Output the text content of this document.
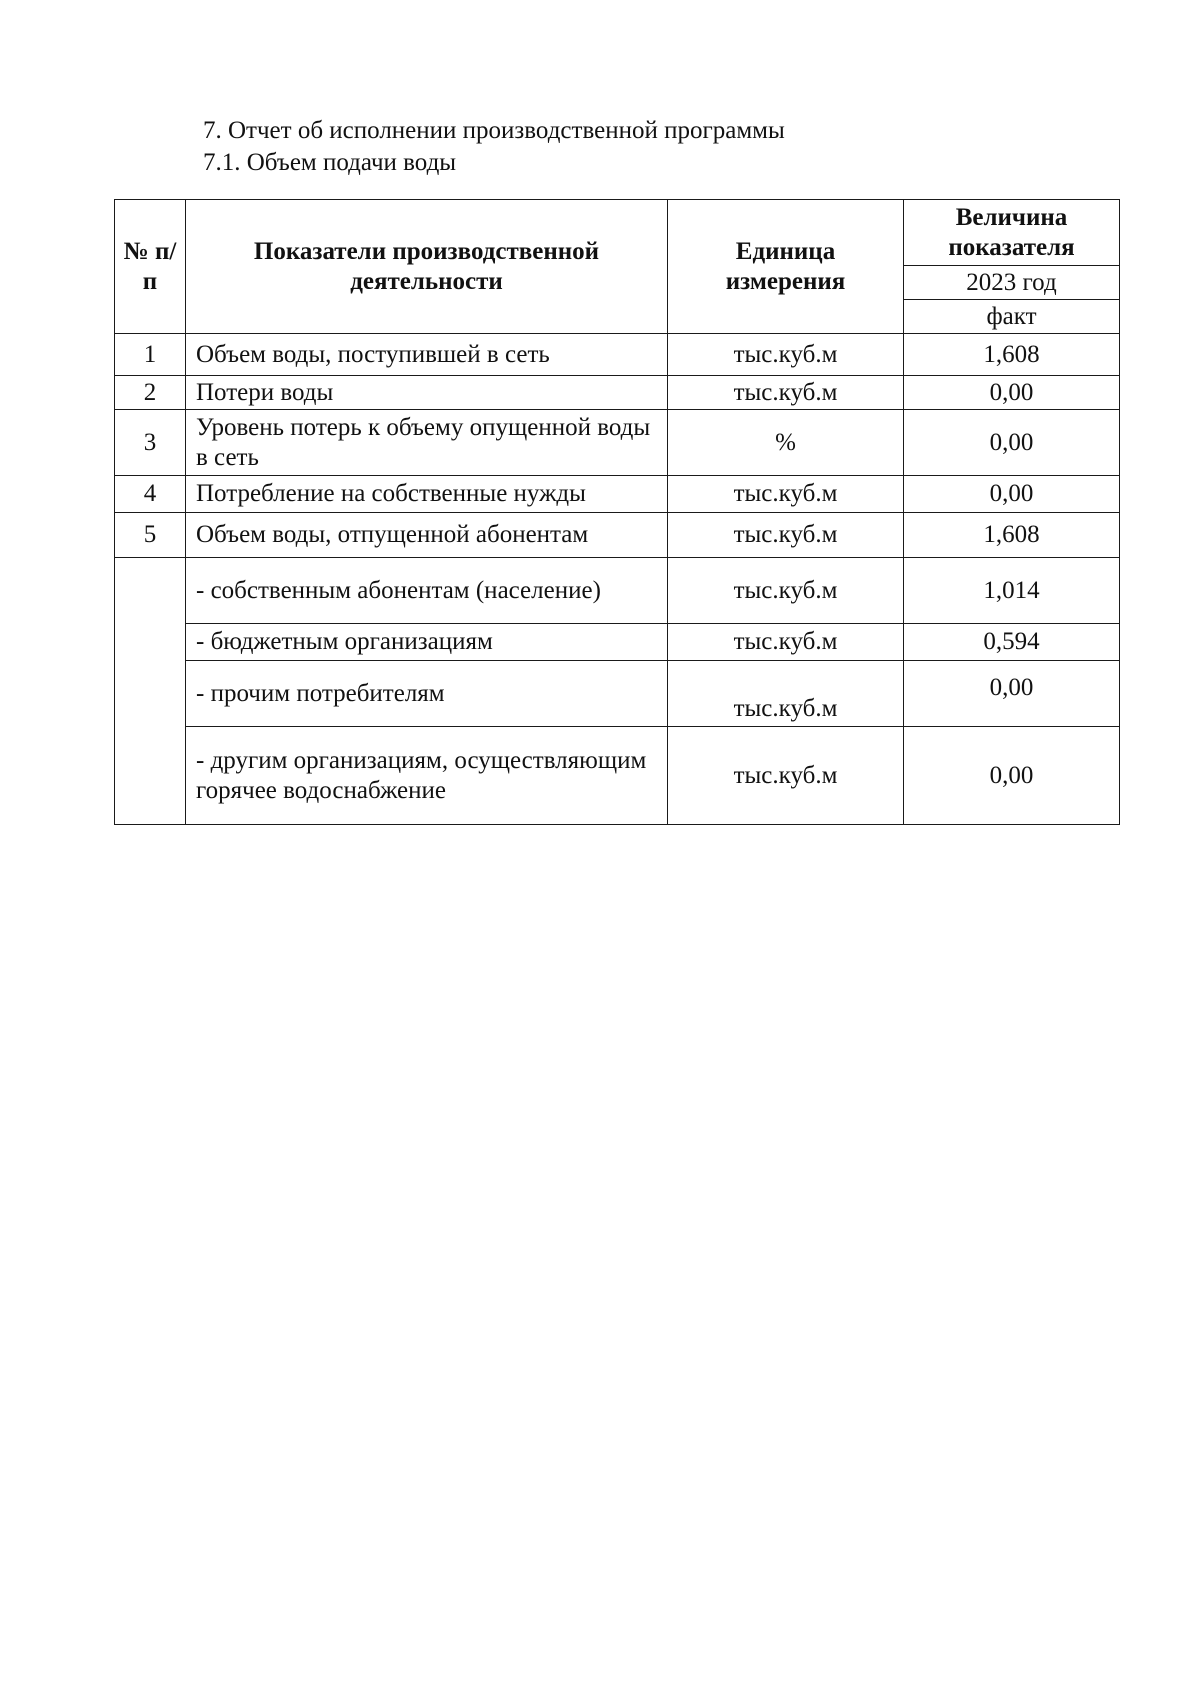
7. Отчет об исполнении производственной программы
7.1. Объем подачи воды
№ п/п	Показатели производственной деятельности	Единица измерения	Величина показателя
			2023 год
			факт
1	Объем воды, поступившей в сеть	тыс.куб.м	1,608
2	Потери воды	тыс.куб.м	0,00
3	Уровень потерь к объему опущенной воды в сеть	%	0,00
4	Потребление на собственные нужды	тыс.куб.м	0,00
5	Объем воды, отпущенной абонентам	тыс.куб.м	1,608
	- собственным абонентам (население)	тыс.куб.м	1,014
	- бюджетным организациям	тыс.куб.м	0,594
	- прочим потребителям	тыс.куб.м	0,00
	- другим организациям, осуществляющим горячее водоснабжение	тыс.куб.м	0,00
